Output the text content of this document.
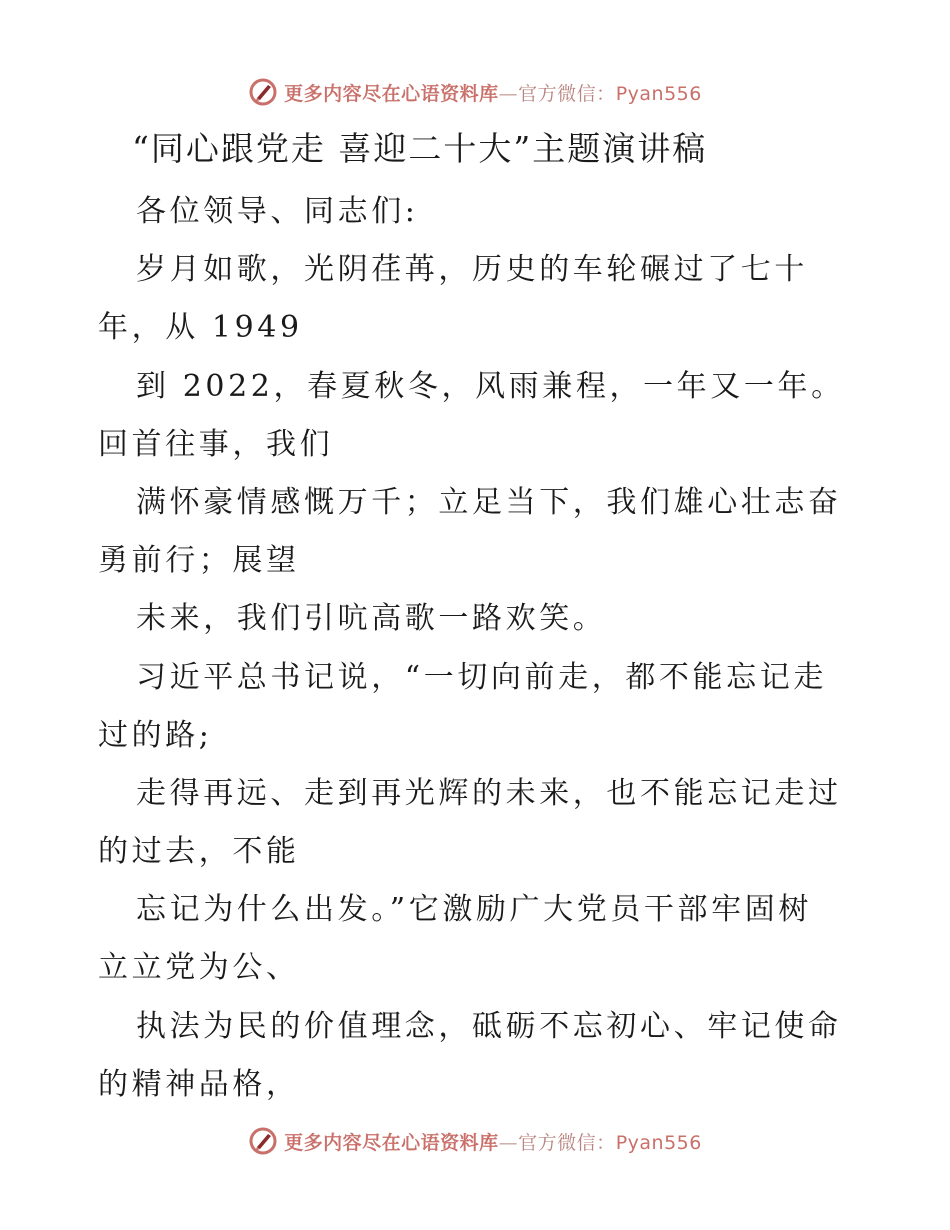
更多内容尽在心语资料库—官方微信：Pyan556
“同心跟党走 喜迎二十大”主题演讲稿
各位领导、同志们:
岁月如歌，光阴荏苒，历史的车轮碾过了七十
年，从 1949
到 2022，春夏秋冬，风雨兼程，一年又一年。
回首往事，我们
满怀豪情感慨万千；立足当下，我们雄心壮志奋
勇前行；展望
未来，我们引吭高歌一路欢笑。
习近平总书记说，“一切向前走，都不能忘记走
过的路;
走得再远、走到再光辉的未来，也不能忘记走过
的过去，不能
忘记为什么出发。”它激励广大党员干部牢固树
立立党为公、
执法为民的价值理念，砥砺不忘初心、牢记使命
的精神品格，
更多内容尽在心语资料库—官方微信：Pyan556
